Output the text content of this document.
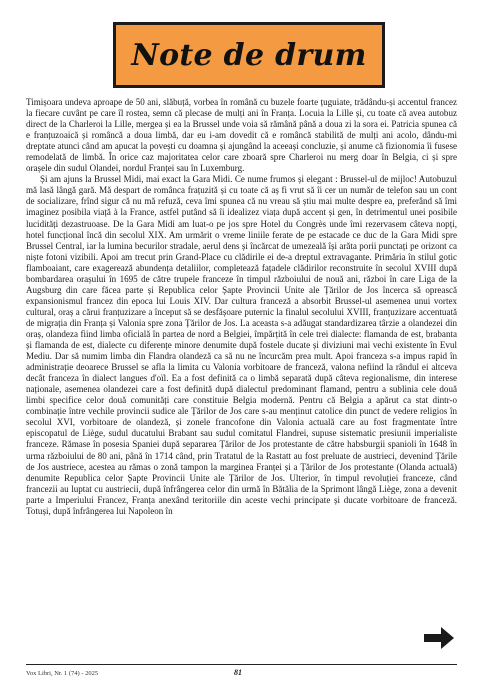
Note de drum

Timișoara undeva aproape de 50 ani, slăbuță, vorbea în română cu buzele foarte țuguiate, trădându-și accentul francez la fiecare cuvânt pe care îl rostea, semn că plecase de mulți ani în Franța. Locuia la Lille și, cu toate că avea autobuz direct de la Charleroi la Lille, mergea și ea la Brussel unde voia să rămână până a doua zi la sora ei. Patricia spunea că e franțuzoaică și româncă a doua limbă, dar eu i-am dovedit că e româncă stabilită de mulți ani acolo, dându-mi dreptate atunci când am apucat la povești cu doamna și ajungând la aceeași concluzie, și anume că fizionomia îi fusese remodelată de limbă. În orice caz majoritatea celor care zboară spre Charleroi nu merg doar în Belgia, ci și spre orașele din sudul Olandei, nordul Franței sau în Luxemburg.

Și am ajuns la Brussel Midi, mai exact la Gara Midi. Ce nume frumos și elegant : Brussel-ul de mijloc! Autobuzul mă lasă lângă gară. Mă despart de românca frațuzită și cu toate că aș fi vrut să îi cer un număr de telefon sau un cont de socializare, frînd sigur că nu mă refuză, ceva îmi spunea că nu vreau să știu mai multe despre ea, preferând să îmi imaginez posibila viață à la France, astfel putând să îi idealizez viața după accent și gen, în detrimentul unei posibile lucidități dezastruoase. De la Gara Midi am luat-o pe jos spre Hotel du Congrès unde îmi rezervasem câteva nopți, hotel funcțional încă din secolul XIX. Am urmărit o vreme liniile ferate de pe estacade ce duc de la Gara Midi spre Brussel Central, iar la lumina becurilor stradale, aerul dens și încărcat de umezeală își arăta porii punctați pe orizont ca niște fotoni vizibili. Apoi am trecut prin Grand-Place cu clădirile ei de-a dreptul extravagante. Primăria în stilul gotic flamboaiant, care exagerează abundența detaliilor, completează fațadele clădirilor reconstruite în secolul XVIII după bombardarea orașului în 1695 de către trupele franceze în timpul războiului de nouă ani, război în care Liga de la Augsburg din care făcea parte și Republica celor Șapte Provincii Unite ale Țărilor de Jos încerca să oprească expansionismul francez din epoca lui Louis XIV. Dar cultura franceză a absorbit Brussel-ul asemenea unui vortex cultural, oraș a cărui franțuzizare a început să se desfășoare puternic la finalul secolului XVIII, franțuzizare accentuată de migrația din Franța și Valonia spre zona Țărilor de Jos. La aceasta s-a adăugat standardizarea târzie a olandezei din oraș, olandeza fiind limba oficială în partea de nord a Belgiei, împărțită în cele trei dialecte: flamanda de est, brabanta și flamanda de est, dialecte cu diferențe minore denumite după fostele ducate și diviziuni mai vechi existente în Evul Mediu. Dar să numim limba din Flandra olandeză ca să nu ne încurcăm prea mult. Apoi franceza s-a impus rapid în administrație deoarece Brussel se afla la limita cu Valonia vorbitoare de franceză, valona nefiind la rândul ei altceva decât franceza în dialect langues d'oïl. Ea a fost definită ca o limbă separată după câteva regionalisme, din interese naționale, asemenea olandezei care a fost definită după dialectul predominant flamand, pentru a sublinia cele două limbi specifice celor două comunități care constituie Belgia modernă. Pentru că Belgia a apărut ca stat dintr-o combinație între vechile provincii sudice ale Țărilor de Jos care s-au menținut catolice din punct de vedere religios în secolul XVI, vorbitoare de olandeză, și zonele francofone din Valonia actuală care au fost fragmentate între episcopatul de Liège, sudul ducatului Brabant sau sudul comitatul Flandrei, supuse sistematic presiunii imperialiste franceze. Rămase în posesia Spaniei după separarea Țărilor de Jos protestante de către habsburgii spanioli în 1648 în urma războiului de 80 ani, până în 1714 când, prin Tratatul de la Rastatt au fost preluate de austrieci, devenind Țările de Jos austriece, acestea au rămas o zonă tampon la marginea Franței și a Țărilor de Jos protestante (Olanda actuală) denumite Republica celor Șapte Provincii Unite ale Țărilor de Jos. Ulterior, în timpul revoluției franceze, când francezii au luptat cu austriecii, după înfrângerea celor din urmă în Bătălia de la Sprimont lângă Liège, zona a devenit parte a Imperiului Francez, Franța anexând teritoriile din aceste vechi principate și ducate vorbitoare de franceză. Totuși, după înfrângerea lui Napoleon în

Vox Libri, Nr. 1 (74) - 2025	81
